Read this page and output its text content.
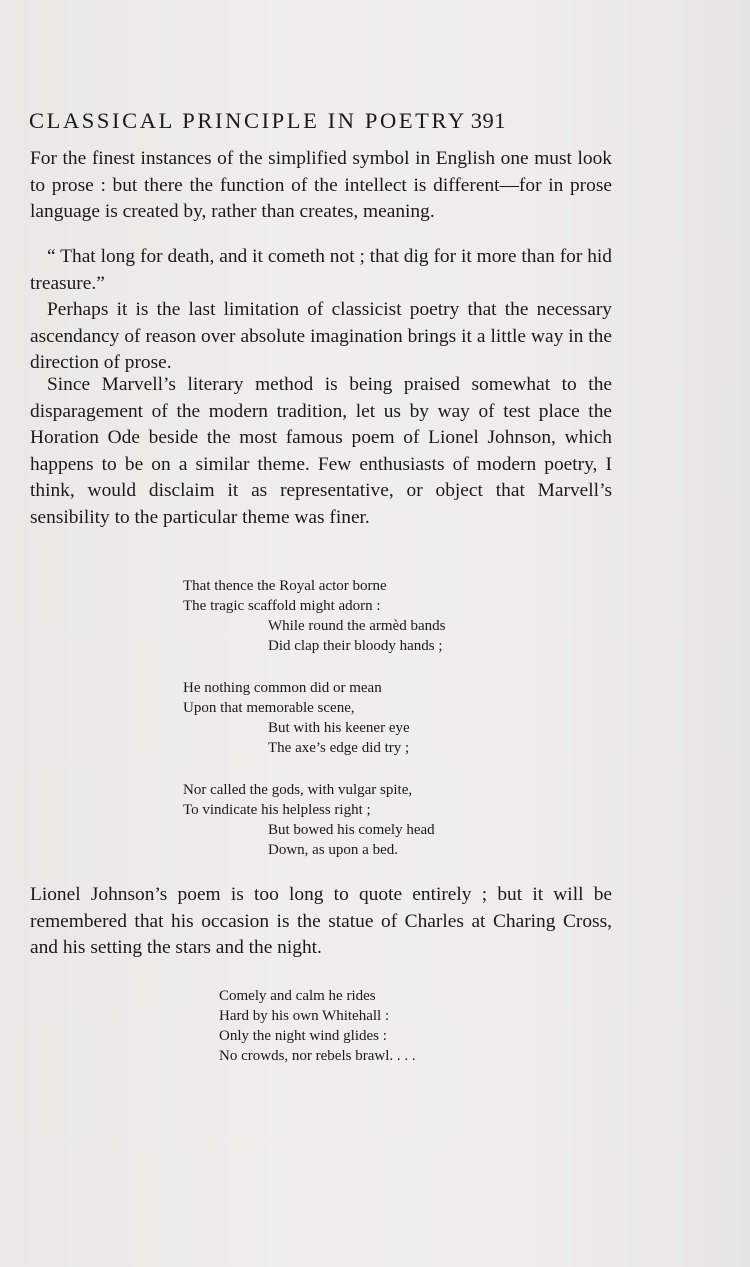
CLASSICAL PRINCIPLE IN POETRY 391

For the finest instances of the simplified symbol in English one must look to prose : but there the function of the intellect is different—for in prose language is created by, rather than creates, meaning.

“ That long for death, and it cometh not ; that dig for it more than for hid treasure.”

Perhaps it is the last limitation of classicist poetry that the necessary ascendancy of reason over absolute imagination brings it a little way in the direction of prose.

Since Marvell’s literary method is being praised somewhat to the disparagement of the modern tradition, let us by way of test place the Horation Ode beside the most famous poem of Lionel Johnson, which happens to be on a similar theme. Few enthusiasts of modern poetry, I think, would disclaim it as representative, or object that Marvell’s sensibility to the particular theme was finer.

That thence the Royal actor borne
The tragic scaffold might adorn :
While round the armèd bands
Did clap their bloody hands ;
He nothing common did or mean
Upon that memorable scene,
But with his keener eye
The axe’s edge did try ;
Nor called the gods, with vulgar spite,
To vindicate his helpless right ;
But bowed his comely head
Down, as upon a bed.

Lionel Johnson’s poem is too long to quote entirely ; but it will be remembered that his occasion is the statue of Charles at Charing Cross, and his setting the stars and the night.

Comely and calm he rides
Hard by his own Whitehall :
Only the night wind glides :
No crowds, nor rebels brawl. . . .
